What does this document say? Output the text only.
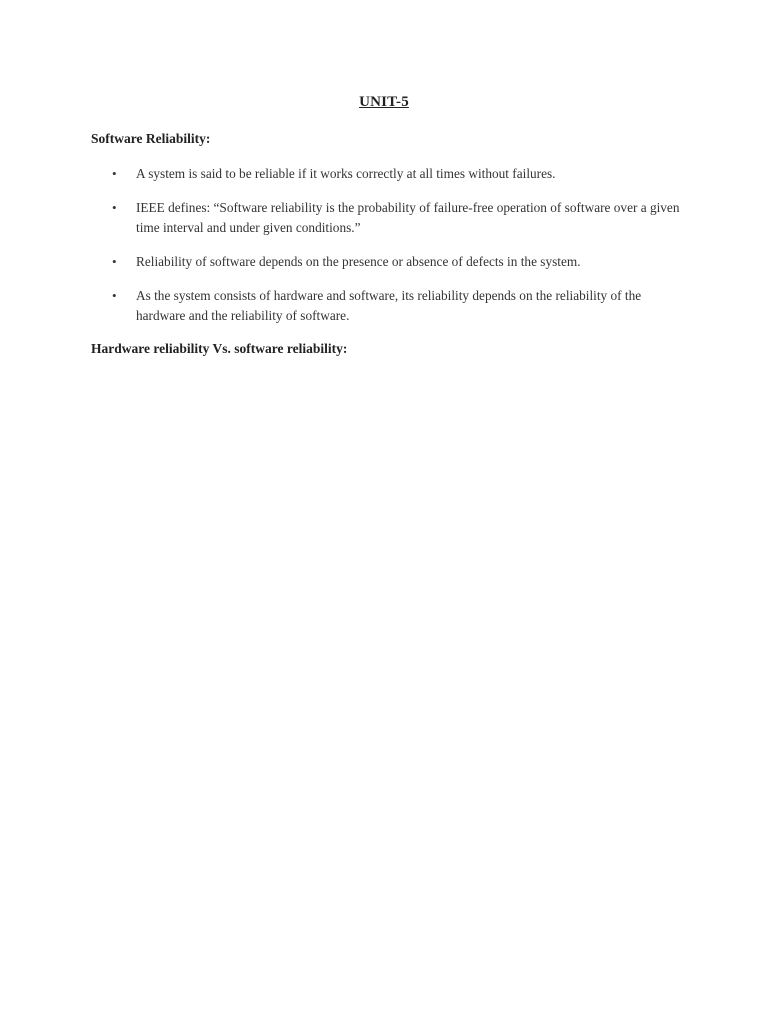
UNIT-5
Software Reliability:
• A system is said to be reliable if it works correctly at all times without failures.
• IEEE defines: “Software reliability is the probability of failure-free operation of software over a given time interval and under given conditions.”
• Reliability of software depends on the presence or absence of defects in the system.
• As the system consists of hardware and software, its reliability depends on the reliability of the hardware and the reliability of software.
Hardware reliability Vs. software reliability:
